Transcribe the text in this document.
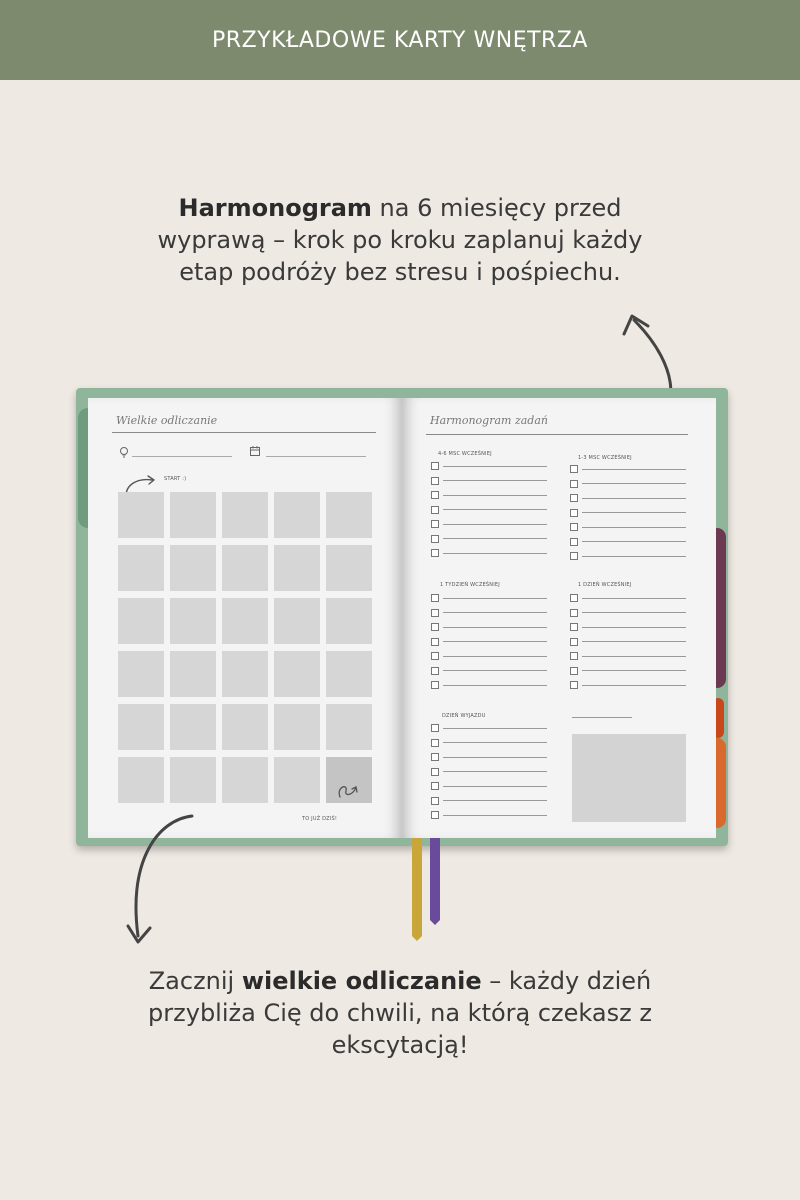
PRZYKŁADOWE KARTY WNĘTRZA
Harmonogram na 6 miesięcy przed wyprawą – krok po kroku zaplanuj każdy etap podróży bez stresu i pośpiechu.
Wielkie odliczanie
START :)
TO JUŻ DZIŚ!
Harmonogram zadań
4-6 MSC WCZEŚNIEJ
1-3 MSC WCZEŚNIEJ
1 TYDZIEŃ WCZEŚNIEJ	1 DZIEŃ WCZEŚNIEJ
DZIEŃ WYJAZDU
Zacznij wielkie odliczanie – każdy dzień przybliża Cię do chwili, na którą czekasz z ekscytacją!
